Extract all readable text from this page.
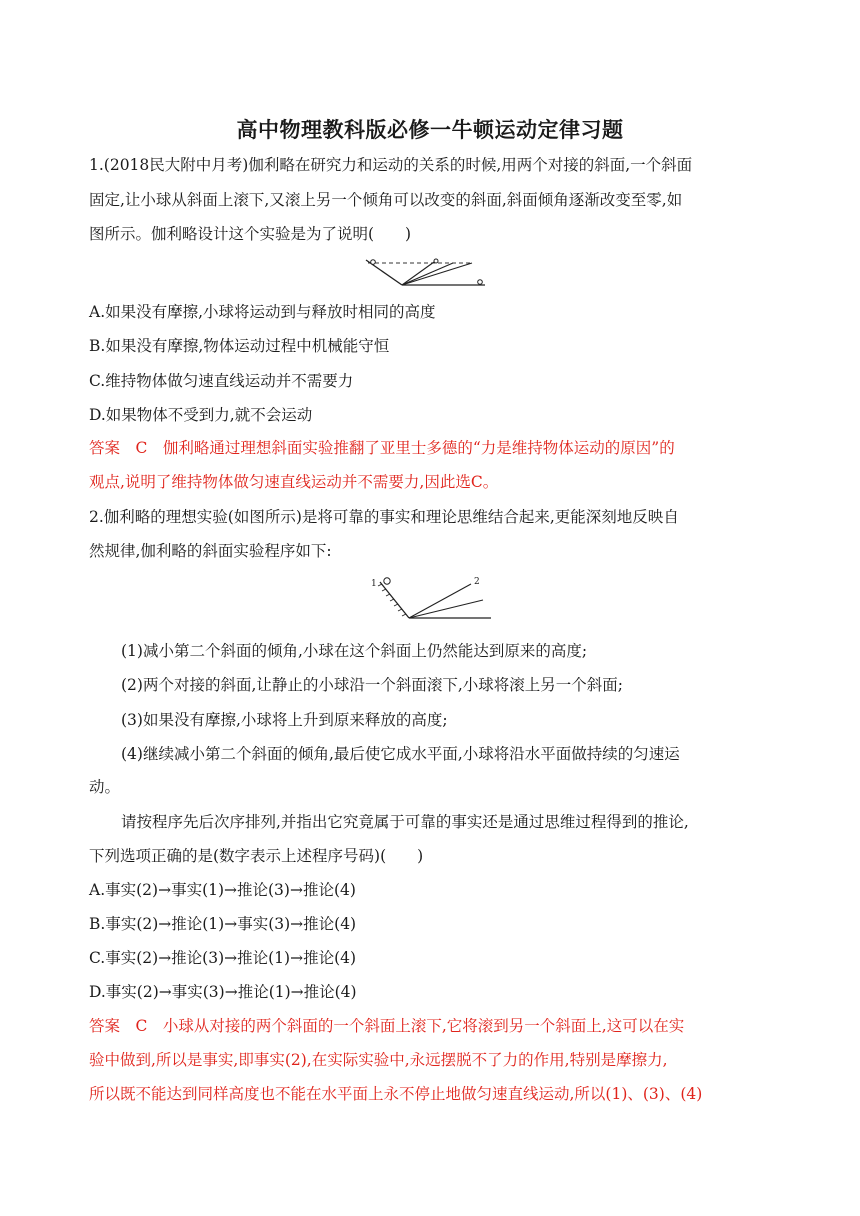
高中物理教科版必修一牛顿运动定律习题
1.(2018民大附中月考)伽利略在研究力和运动的关系的时候,用两个对接的斜面,一个斜面
固定,让小球从斜面上滚下,又滚上另一个倾角可以改变的斜面,斜面倾角逐渐改变至零,如
图所示。伽利略设计这个实验是为了说明(　　)
A.如果没有摩擦,小球将运动到与释放时相同的高度
B.如果没有摩擦,物体运动过程中机械能守恒
C.维持物体做匀速直线运动并不需要力
D.如果物体不受到力,就不会运动
答案　C　伽利略通过理想斜面实验推翻了亚里士多德的“力是维持物体运动的原因”的
观点,说明了维持物体做匀速直线运动并不需要力,因此选C。
2.伽利略的理想实验(如图所示)是将可靠的事实和理论思维结合起来,更能深刻地反映自
然规律,伽利略的斜面实验程序如下:
1	2
(1)减小第二个斜面的倾角,小球在这个斜面上仍然能达到原来的高度;
(2)两个对接的斜面,让静止的小球沿一个斜面滚下,小球将滚上另一个斜面;
(3)如果没有摩擦,小球将上升到原来释放的高度;
(4)继续减小第二个斜面的倾角,最后使它成水平面,小球将沿水平面做持续的匀速运
动。
请按程序先后次序排列,并指出它究竟属于可靠的事实还是通过思维过程得到的推论,
下列选项正确的是(数字表示上述程序号码)(　　)
A.事实(2)→事实(1)→推论(3)→推论(4)
B.事实(2)→推论(1)→事实(3)→推论(4)
C.事实(2)→推论(3)→推论(1)→推论(4)
D.事实(2)→事实(3)→推论(1)→推论(4)
答案　C　小球从对接的两个斜面的一个斜面上滚下,它将滚到另一个斜面上,这可以在实
验中做到,所以是事实,即事实(2),在实际实验中,永远摆脱不了力的作用,特别是摩擦力,
所以既不能达到同样高度也不能在水平面上永不停止地做匀速直线运动,所以(1)、(3)、(4)
